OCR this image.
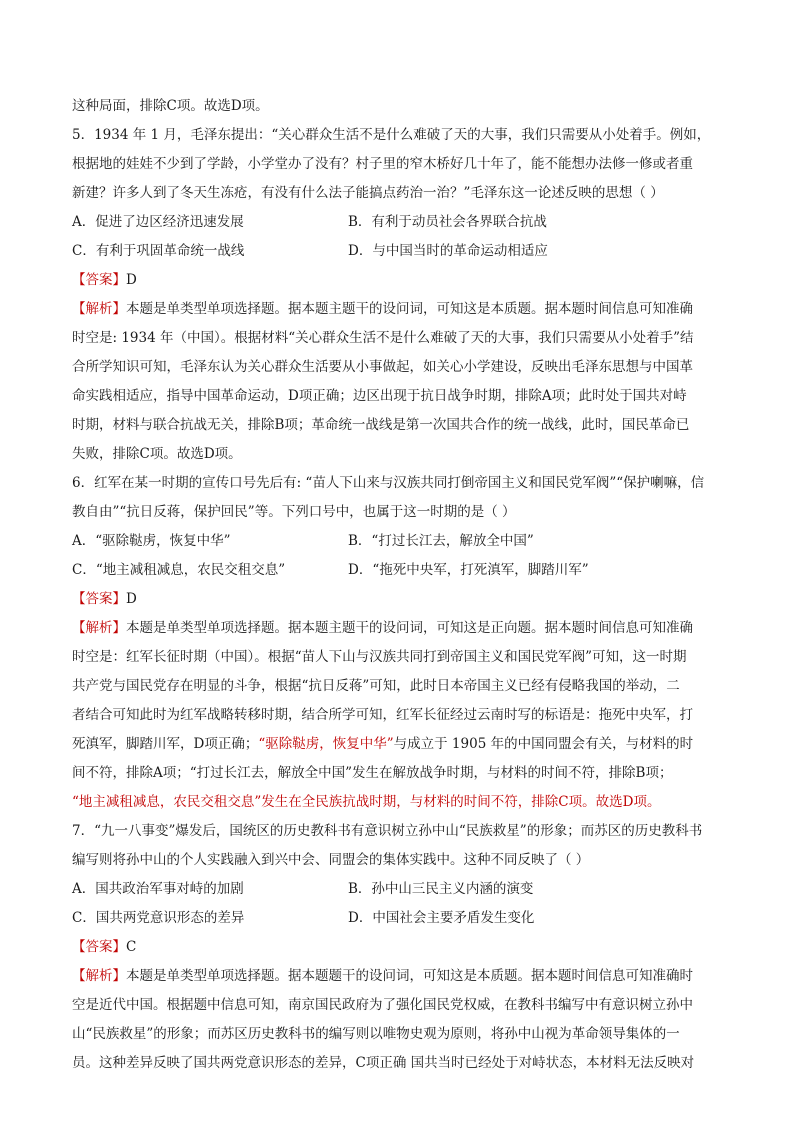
这种局面，排除C项。故选D项。
5．1934 年 1 月，毛泽东提出：“关心群众生活不是什么难破了天的大事，我们只需要从小处着手。例如，
根据地的娃娃不少到了学龄，小学堂办了没有？村子里的窄木桥好几十年了，能不能想办法修一修或者重
新建？许多人到了冬天生冻疮，有没有什么法子能搞点药治一治？”毛泽东这一论述反映的思想（ ）
A．促进了边区经济迅速发展	B．有利于动员社会各界联合抗战
C．有利于巩固革命统一战线	D．与中国当时的革命运动相适应
【答案】D
【解析】本题是单类型单项选择题。据本题主题干的设问词，可知这是本质题。据本题时间信息可知准确
时空是: 1934 年（中国）。根据材料“关心群众生活不是什么难破了天的大事，我们只需要从小处着手”结
合所学知识可知，毛泽东认为关心群众生活要从小事做起，如关心小学建设，反映出毛泽东思想与中国革
命实践相适应，指导中国革命运动，D项正确；边区出现于抗日战争时期，排除A项；此时处于国共对峙
时期，材料与联合抗战无关，排除B项；革命统一战线是第一次国共合作的统一战线，此时，国民革命已
失败，排除C项。故选D项。
6．红军在某一时期的宣传口号先后有: “苗人下山来与汉族共同打倒帝国主义和国民党军阀”“保护喇嘛，信
教自由”“抗日反蒋，保护回民”等。下列口号中，也属于这一时期的是（ ）
A．“驱除鞑虏，恢复中华”	B．“打过长江去，解放全中国”
C．“地主减租减息，农民交租交息”	D．“拖死中央军，打死滇军，脚踏川军”
【答案】D
【解析】本题是单类型单项选择题。据本题主题干的设问词，可知这是正向题。据本题时间信息可知准确
时空是：红军长征时期（中国）。根据“苗人下山与汉族共同打到帝国主义和国民党军阀”可知，这一时期
共产党与国民党存在明显的斗争，根据“抗日反蒋”可知，此时日本帝国主义已经有侵略我国的举动，二
者结合可知此时为红军战略转移时期，结合所学可知，红军长征经过云南时写的标语是：拖死中央军，打
死滇军，脚踏川军，D项正确；“驱除鞑虏，恢复中华”与成立于 1905 年的中国同盟会有关，与材料的时
间不符，排除A项；“打过长江去，解放全中国”发生在解放战争时期，与材料的时间不符，排除B项；
“地主减租减息，农民交租交息”发生在全民族抗战时期，与材料的时间不符，排除C项。故选D项。
7．“九一八事变”爆发后，国统区的历史教科书有意识树立孙中山“民族救星”的形象；而苏区的历史教科书
编写则将孙中山的个人实践融入到兴中会、同盟会的集体实践中。这种不同反映了（ ）
A．国共政治军事对峙的加剧	B．孙中山三民主义内涵的演变
C．国共两党意识形态的差异	D．中国社会主要矛盾发生变化
【答案】C
【解析】本题是单类型单项选择题。据本题题干的设问词，可知这是本质题。据本题时间信息可知准确时
空是近代中国。根据题中信息可知，南京国民政府为了强化国民党权威，在教科书编写中有意识树立孙中
山“民族救星”的形象；而苏区历史教科书的编写则以唯物史观为原则，将孙中山视为革命领导集体的一
员。这种差异反映了国共两党意识形态的差异，C项正确 国共当时已经处于对峙状态，本材料无法反映对
